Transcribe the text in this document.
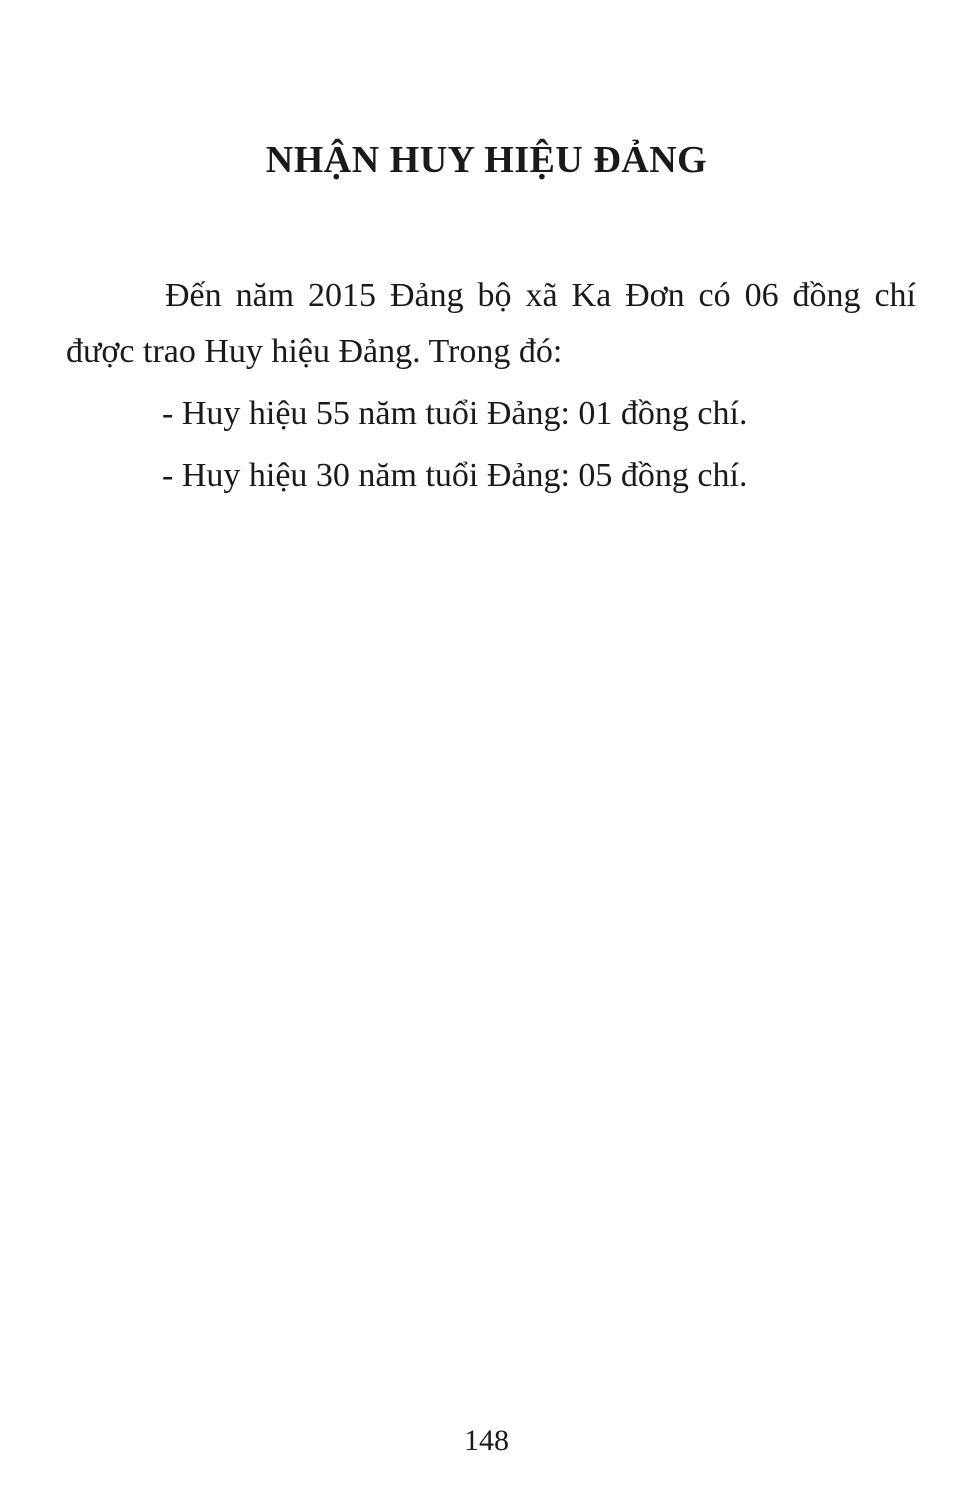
NHẬN HUY HIỆU ĐẢNG

Đến năm 2015 Đảng bộ xã Ka Đơn có 06 đồng chí được trao Huy hiệu Đảng. Trong đó:

- Huy hiệu 55 năm tuổi Đảng: 01 đồng chí.

- Huy hiệu 30 năm tuổi Đảng: 05 đồng chí.

148
